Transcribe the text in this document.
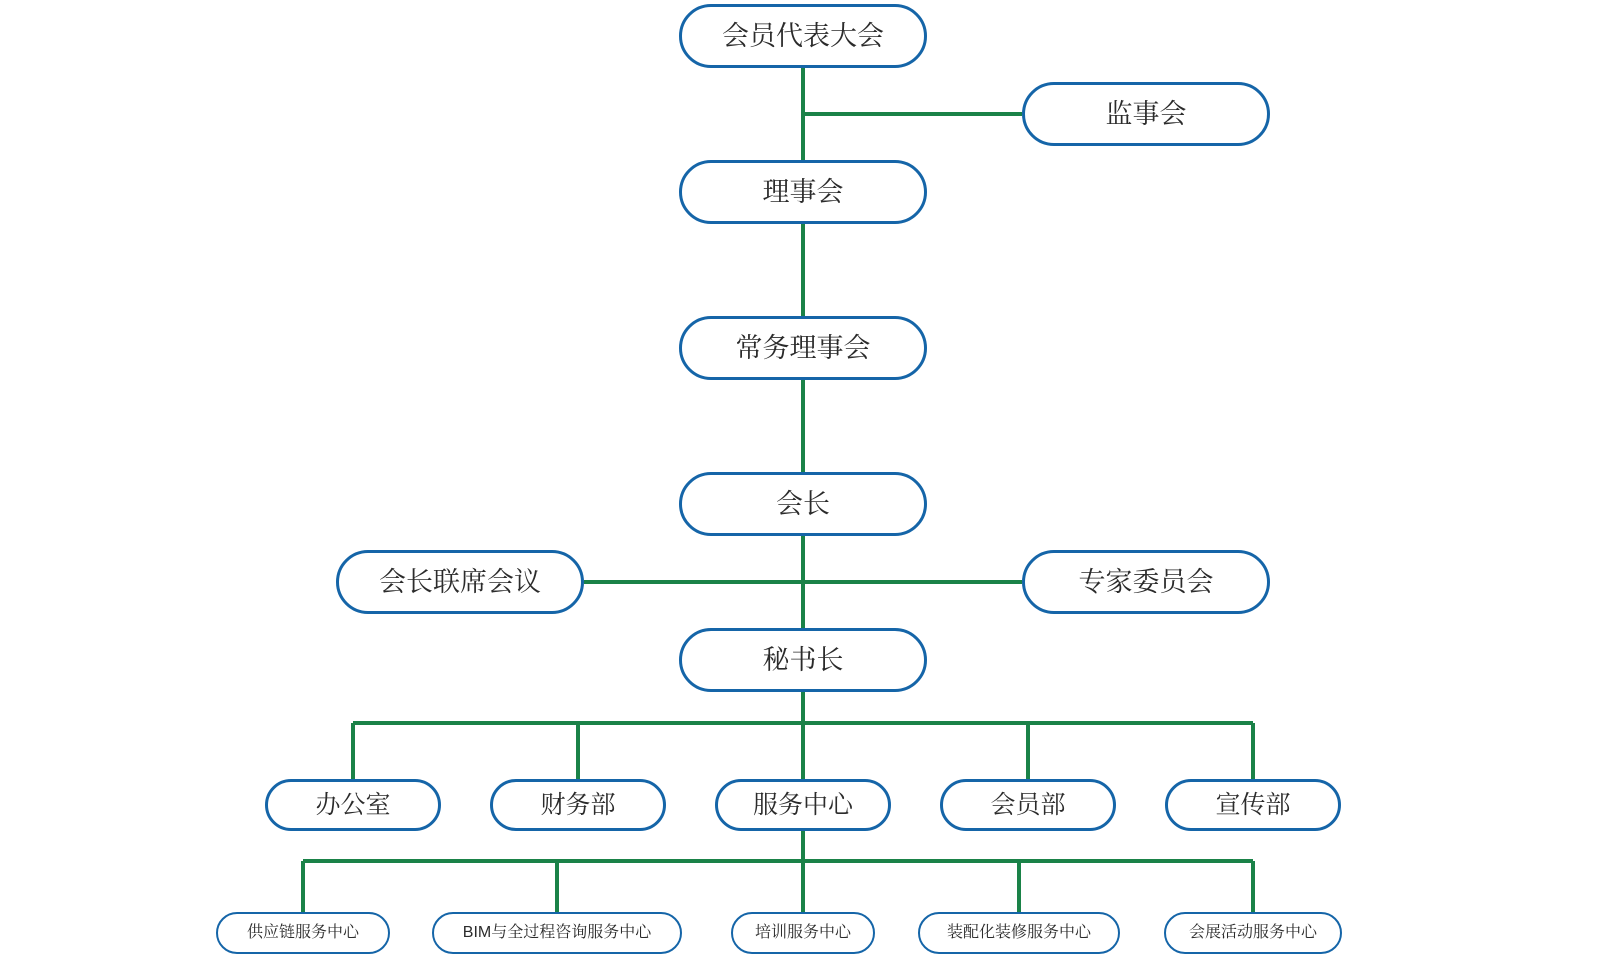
会员代表大会
监事会
理事会
常务理事会
会长
会长联席会议	专家委员会
秘书长
办公室	财务部	服务中心	会员部	宣传部
供应链服务中心	BIM与全过程咨询服务中心	培训服务中心	装配化装修服务中心	会展活动服务中心
